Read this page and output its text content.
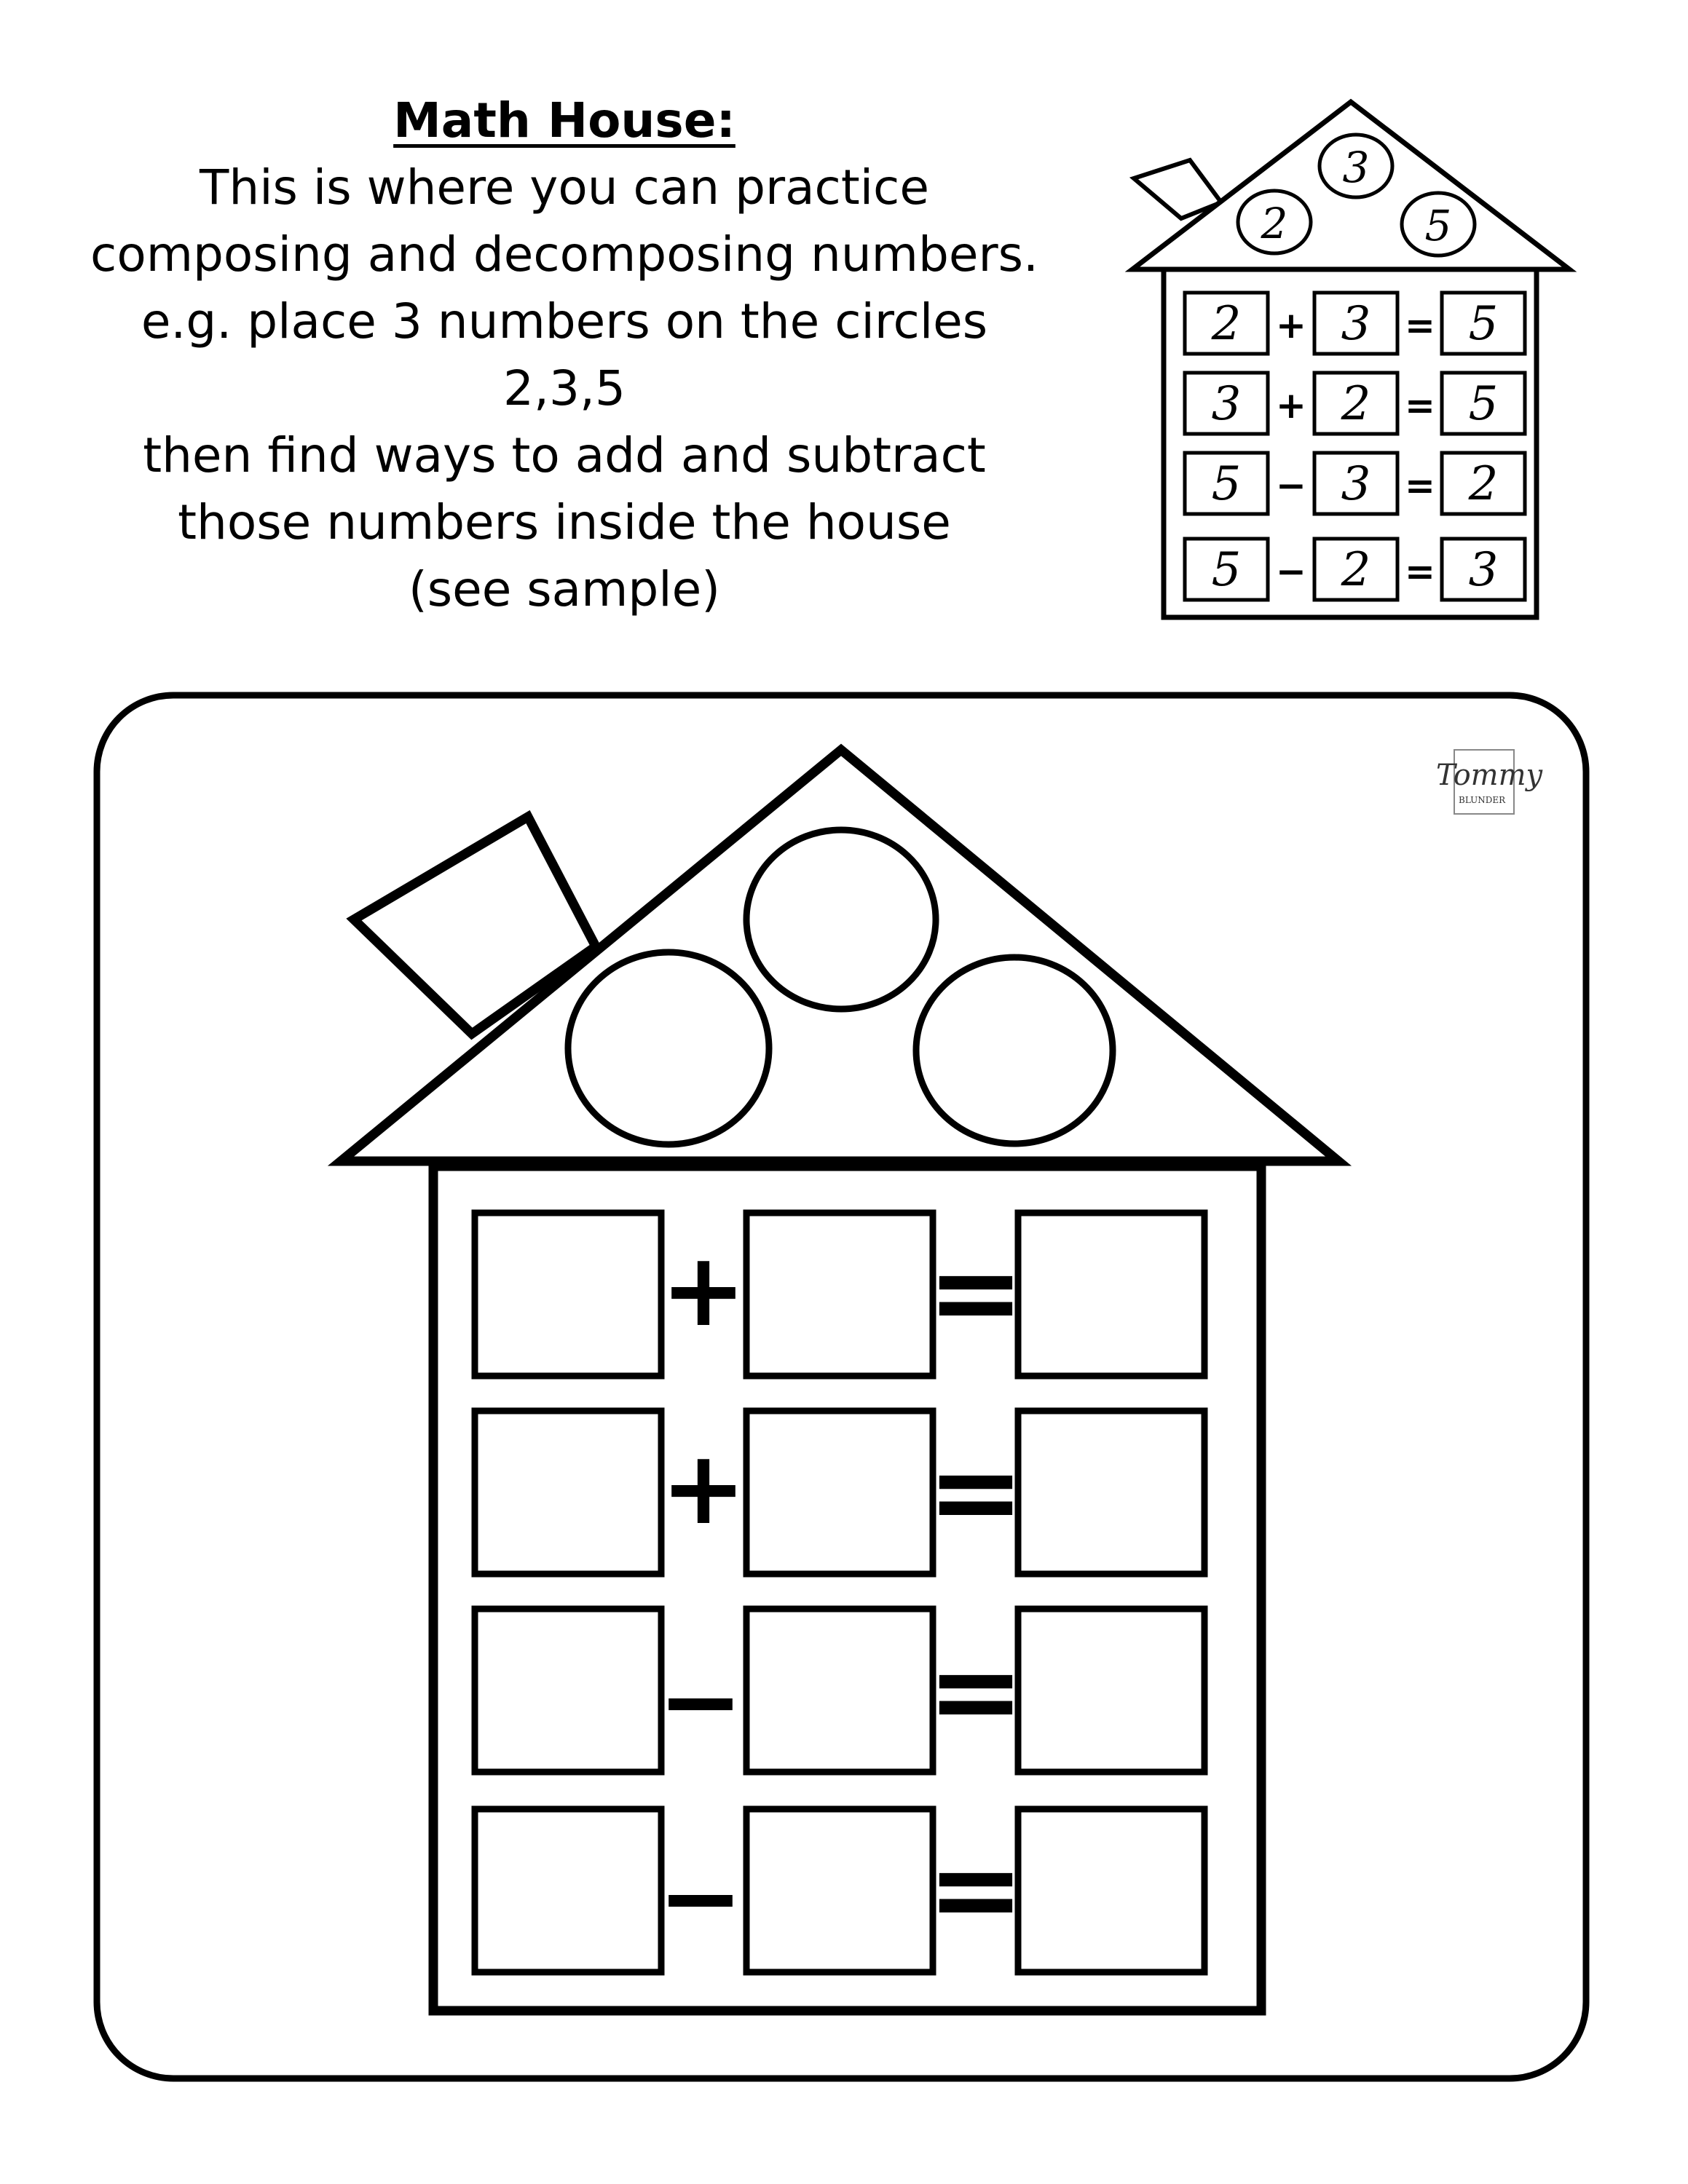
Math House:
This is where you can practice
composing and decomposing numbers.
e.g. place 3 numbers on the circles
2,3,5
then find ways to add and subtract
those numbers inside the house
(see sample)
3
2	5
2 + 3 = 5
3 + 2 = 5
5 − 3 = 2
5 − 2 = 3
Tommy
BLUNDER
+ =
+ =
− =
− =
